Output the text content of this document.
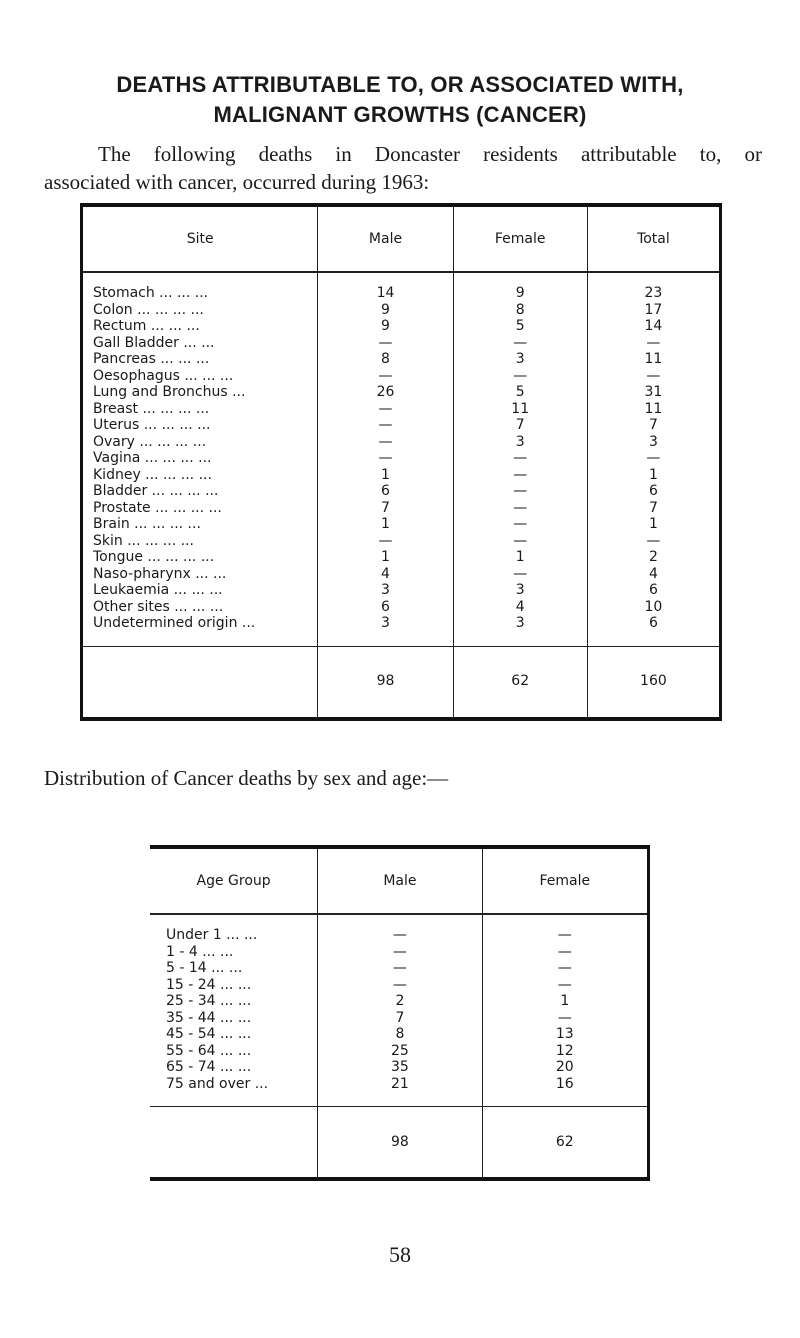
DEATHS ATTRIBUTABLE TO, OR ASSOCIATED WITH,
MALIGNANT GROWTHS (CANCER)
The following deaths in Doncaster residents attributable to, or
associated with cancer, occurred during 1963:
Site	Male	Female	Total

Stomach ... ... ...	14	9	23
Colon ... ... ... ...	9	8	17
Rectum ... ... ...	9	5	14
Gall Bladder ... ...	—	—	—
Pancreas ... ... ...	8	3	11
Oesophagus ... ... ...	—	—	—
Lung and Bronchus ...	26	5	31
Breast ... ... ... ...	—	11	11
Uterus ... ... ... ...	—	7	7
Ovary ... ... ... ...	—	3	3
Vagina ... ... ... ...	—	—	—
Kidney ... ... ... ...	1	—	1
Bladder ... ... ... ...	6	—	6
Prostate ... ... ... ...	7	—	7
Brain ... ... ... ...	1	—	1
Skin ... ... ... ...	—	—	—
Tongue ... ... ... ...	1	1	2
Naso-pharynx ... ...	4	—	4
Leukaemia ... ... ...	3	3	6
Other sites ... ... ...	6	4	10
Undetermined origin ...	3	3	6

	98	62	160
Distribution of Cancer deaths by sex and age:—
Age Group	Male	Female

Under 1 ... ...	—	—
1 - 4 ... ...	—	—
5 - 14 ... ...	—	—
15 - 24 ... ...	—	—
25 - 34 ... ...	2	1
35 - 44 ... ...	7	—
45 - 54 ... ...	8	13
55 - 64 ... ...	25	12
65 - 74 ... ...	35	20
75 and over ...	21	16

	98	62
58
